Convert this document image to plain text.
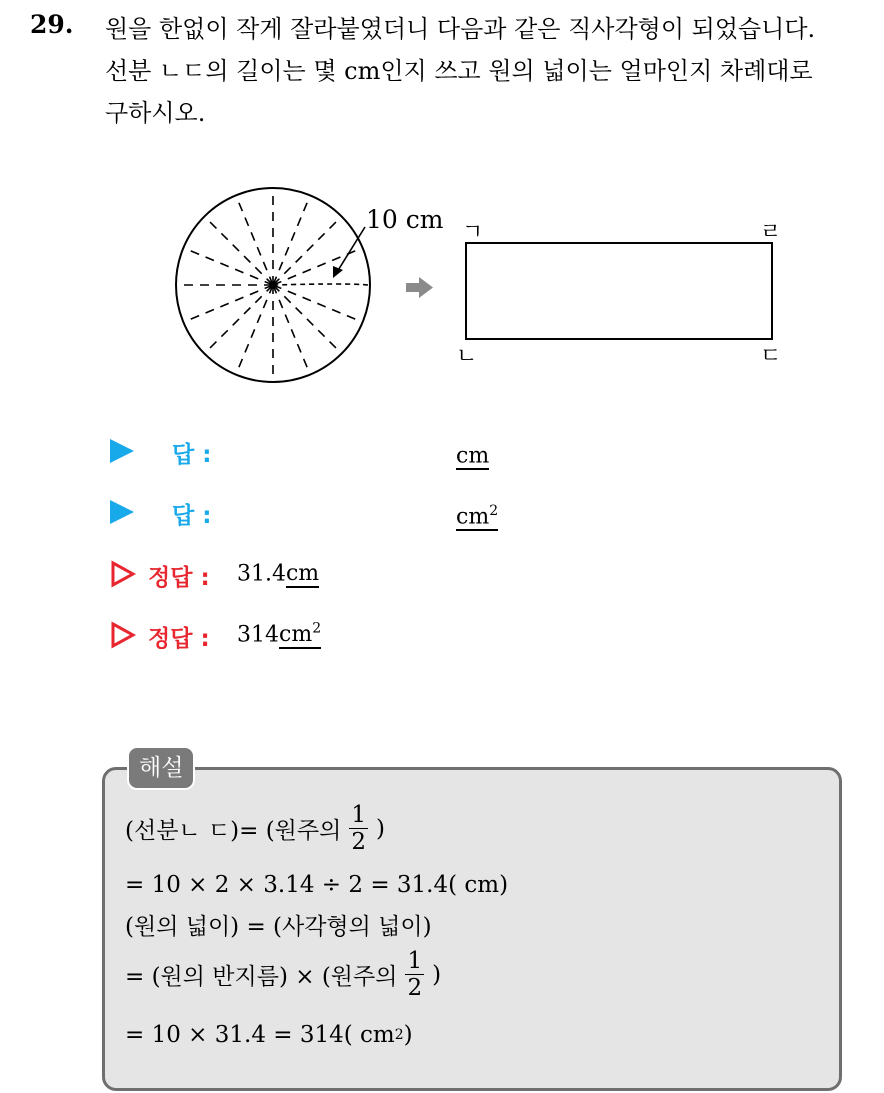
29. 원을 한없이 작게 잘라붙였더니 다음과 같은 직사각형이 되었습니다.
선분 ㄴㄷ의 길이는 몇 cm인지 쓰고 원의 넓이는 얼마인지 차례대로
구하시오.
10 cm ㄱ	ㄹ
ㄴ	ㄷ
답 :	cm
답 :	$cm^2$
정답 : 31.4cm
정답 : $314cm^2$
해설
(선분ㄴ ㄷ)= (원주의 $\frac{1}{2}$ )
= 10 × 2 × 3.14 ÷ 2 = 31.4( cm)
(원의 넓이) = (사각형의 넓이)
= (원의 반지름) × (원주의 $\frac{1}{2}$ )
= 10 × 31.4 = 314( cm 2 )
